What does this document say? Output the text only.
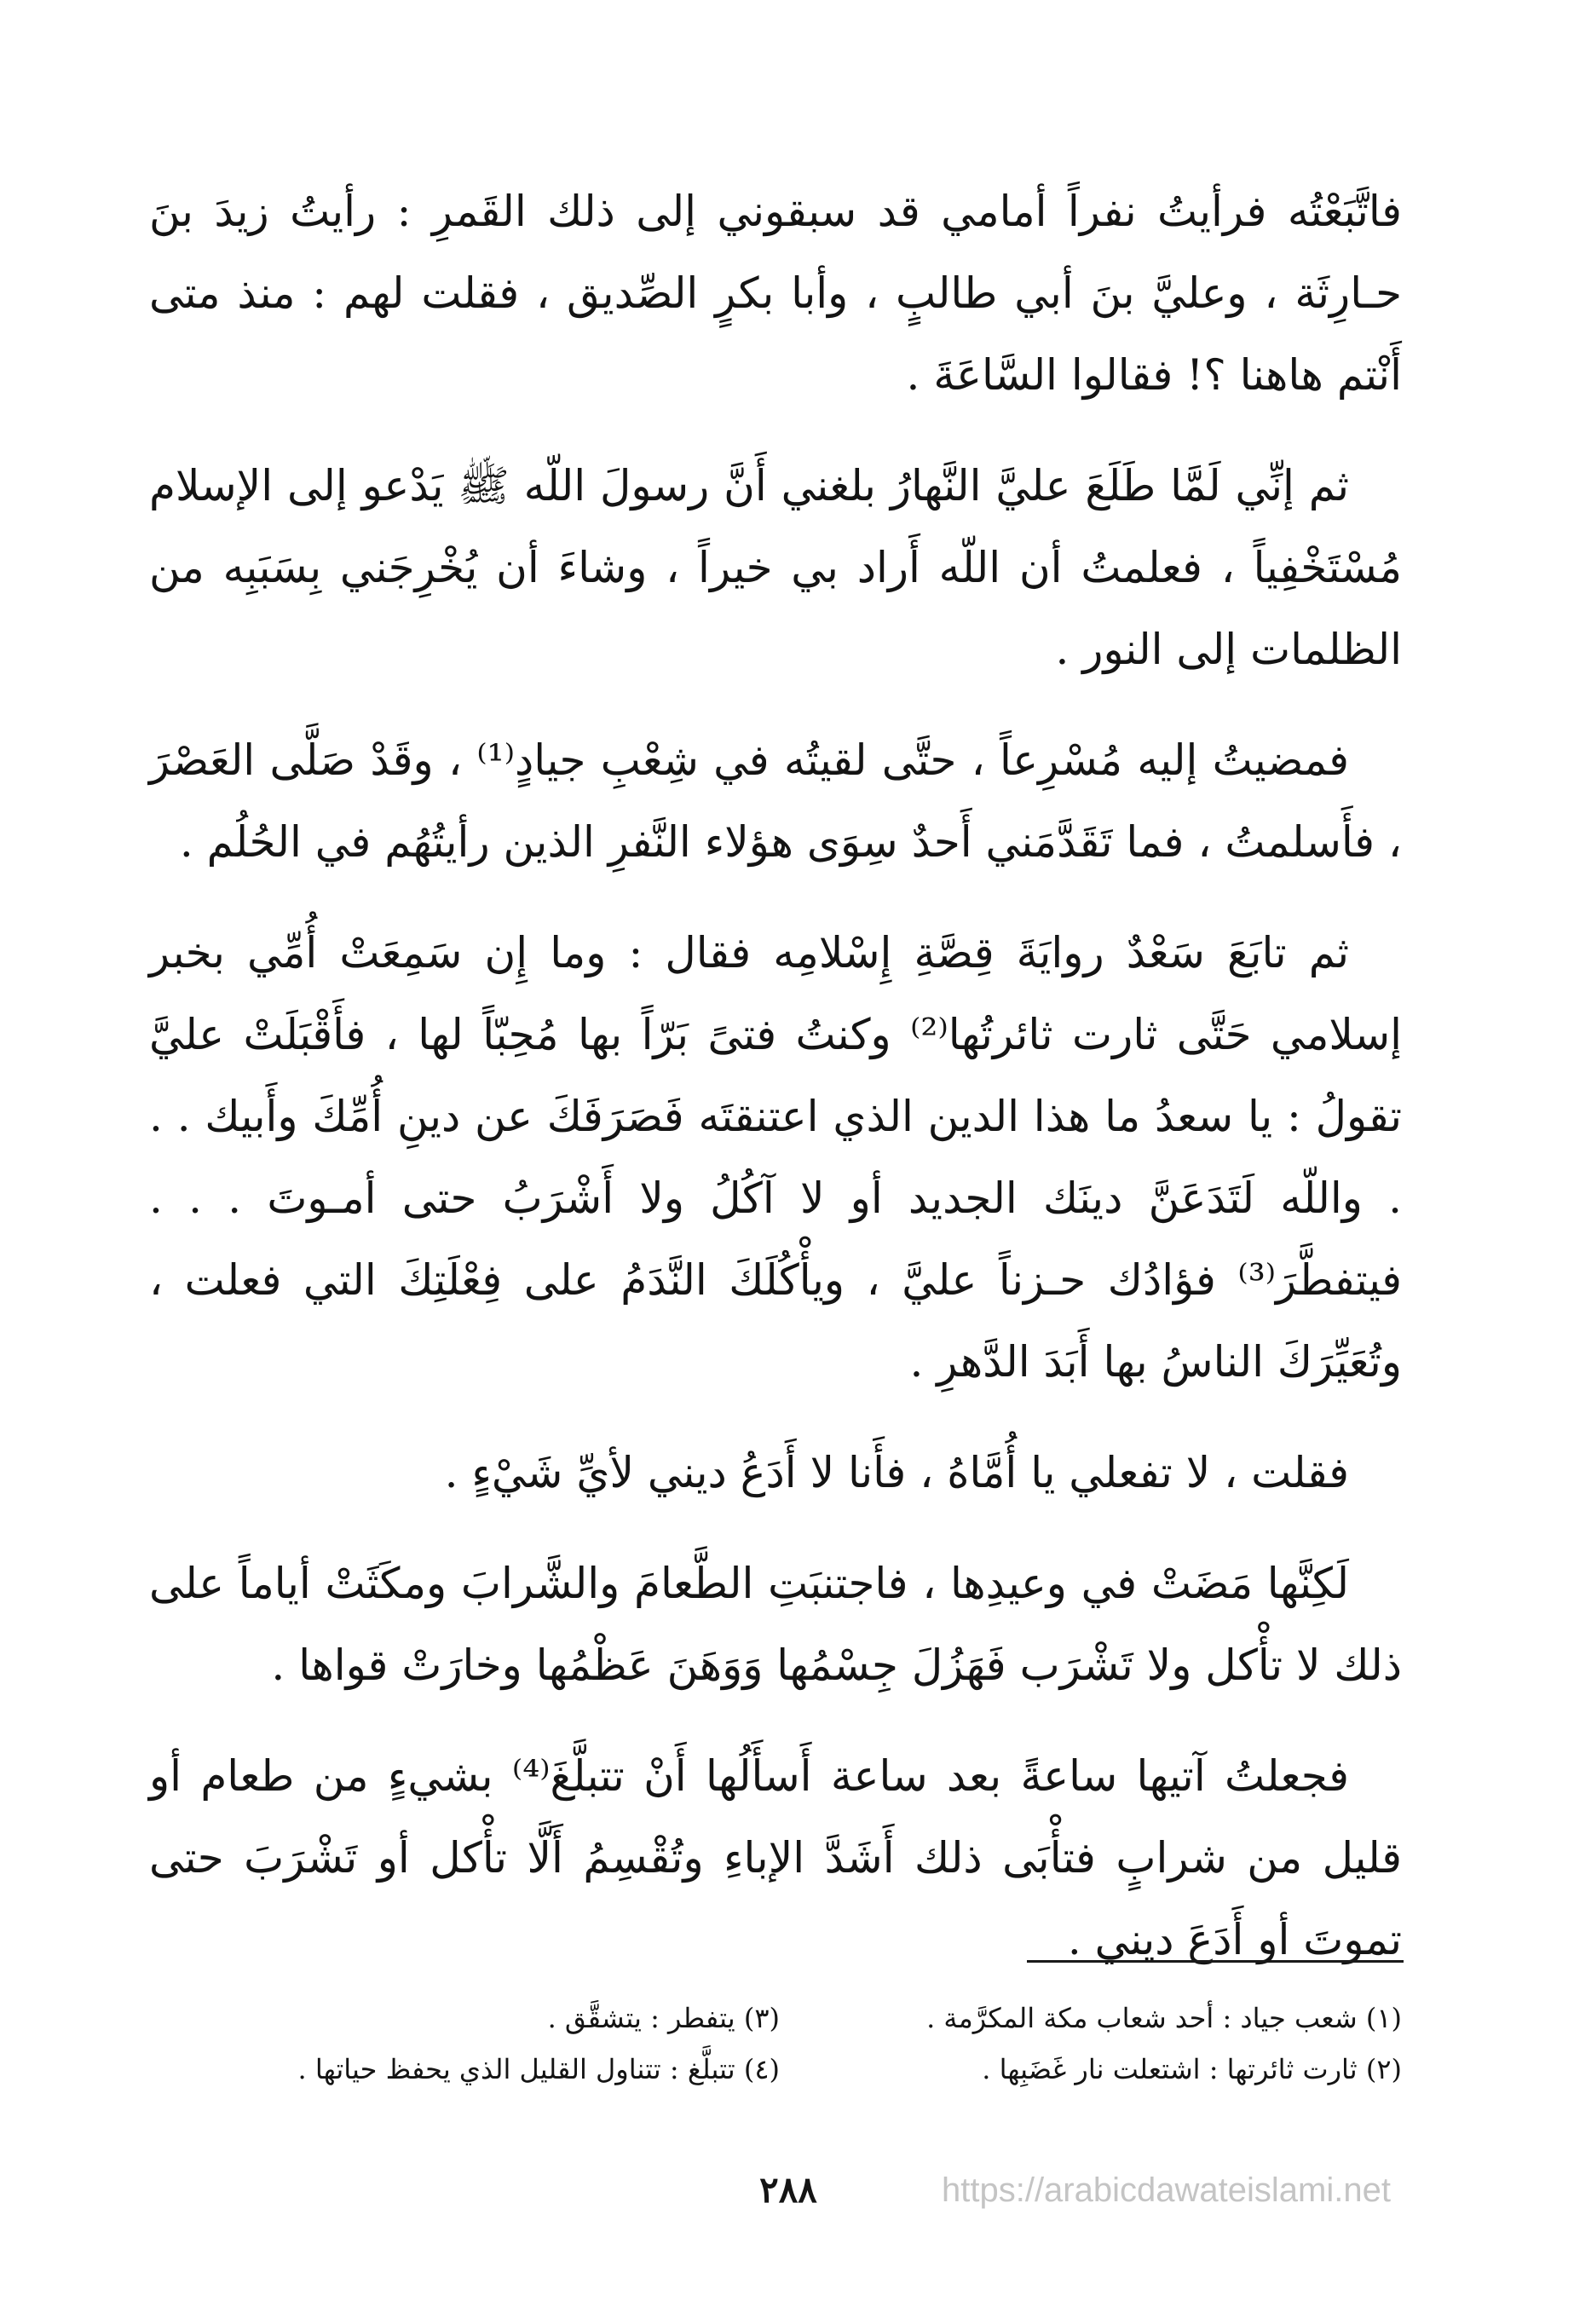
فاتَّبَعْتُه فرأيتُ نفراً أمامي قد سبقوني إلى ذلك القَمرِ : رأيتُ زيدَ بنَ حـارِثَة ، وعليَّ بنَ أبي طالبٍ ، وأبا بكرٍ الصِّديق ، فقلت لهم : منذ متى أَنْتم هاهنا ؟! فقالوا السَّاعَةَ .

ثم إنِّي لَمَّا طَلَعَ عليَّ النَّهارُ بلغني أَنَّ رسولَ اللّه ﷺ يَدْعو إلى الإسلام مُسْتَخْفِياً ، فعلمتُ أن اللّه أَراد بي خيراً ، وشاءَ أن يُخْرِجَني بِسَبَبِه من الظلمات إلى النور .

فمضيتُ إليه مُسْرِعاً ، حتَّى لقيتُه في شِعْبِ جيادٍ⁽¹⁾ ، وقَدْ صَلَّى العَصْرَ ، فأَسلمتُ ، فما تَقَدَّمَني أَحدٌ سِوَى هؤلاء النَّفرِ الذين رأيتُهُم في الحُلُم .

ثم تابَعَ سَعْدٌ روايَةَ قِصَّةِ إِسْلامِه فقال : وما إِن سَمِعَتْ أُمِّي بخبر إسلامي حَتَّى ثارت ثائرتُها⁽²⁾ وكنتُ فتىً بَرّاً بها مُحِبّاً لها ، فأَقْبَلَتْ عليَّ تقولُ : يا سعدُ ما هذا الدين الذي اعتنقتَه فَصَرَفَكَ عن دينِ أُمِّكَ وأَبيك . . . واللّه لَتَدَعَنَّ دينَك الجديد أو لا آكُلُ ولا أَشْرَبُ حتى أمـوتَ . . . فيتفطَّرَ⁽³⁾ فؤادُك حـزناً عليَّ ، ويأْكُلَكَ النَّدَمُ على فِعْلَتِكَ التي فعلت ، وتُعَيِّرَكَ الناسُ بها أَبَدَ الدَّهرِ .

فقلت ، لا تفعلي يا أُمَّاهُ ، فأَنا لا أَدَعُ ديني لأيِّ شَيْءٍ .

لَكِنَّها مَضَتْ في وعيدِها ، فاجتنبَتِ الطَّعامَ والشَّرابَ ومكَثَتْ أياماً على ذلك لا تأْكل ولا تَشْرَب فَهَزُلَ جِسْمُها وَوَهَنَ عَظْمُها وخارَتْ قواها .

فجعلتُ آتيها ساعةً بعد ساعة أَسأَلُها أَنْ تتبلَّغَ⁽⁴⁾ بشيءٍ من طعام أو قليل من شرابٍ فتأْبَى ذلك أَشَدَّ الإباءِ وتُقْسِمُ أَلَّا تأْكل أو تَشْرَبَ حتى تموتَ أو أَدَعَ ديني .

(١) شعب جياد : أحد شعاب مكة المكرَّمة .
(٢) ثارت ثائرتها : اشتعلت نار غَضَبِها .
(٣) يتفطر : يتشقَّق .
(٤) تتبلَّغ : تتناول القليل الذي يحفظ حياتها .
٢٨٨	https://arabicdawateislami.net
